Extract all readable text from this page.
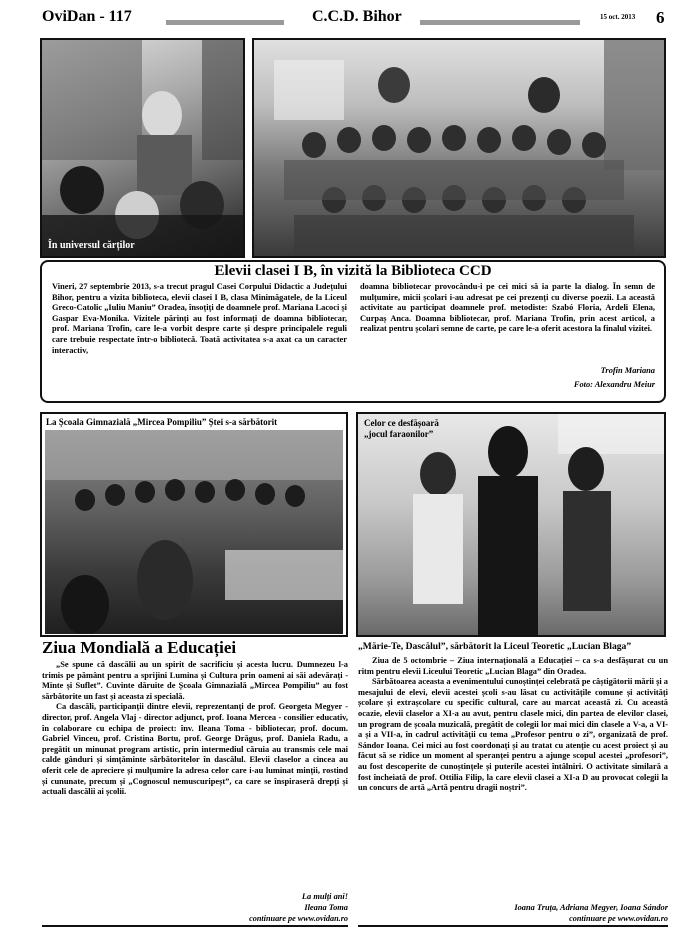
OviDan - 117	C.C.D. Bihor	15 oct. 2013 6
În universul cărților
Elevii clasei I B, în vizită la Biblioteca CCD
Vineri, 27 septembrie 2013, s-a trecut pragul Casei Corpului Didactic a Județului Bihor, pentru a vizita biblioteca, elevii clasei I B, clasa Minimăgatele, de la Liceul Greco-Catolic „Iuliu Maniu” Oradea, însoțiți de doamnele prof. Mariana Lacoci și Gaspar Eva-Monika. Vizitele părinți au fost informați de doamna bibliotecar, prof. Mariana Trofin, care le-a vorbit despre carte și despre principalele reguli care trebuie respectate într-o bibliotecă. Toată activitatea s-a axat ca un caracter interactiv,
doamna bibliotecar provocându-i pe cei mici să ia parte la dialog. În semn de mulțumire, micii școlari i-au adresat pe cei prezenți cu diverse poezii. La această activitate au participat doamnele prof. metodiste: Szabó Floria, Ardeli Elena, Curpaș Anca. Doamna bibliotecar, prof. Mariana Trofin, prin acest articol, a realizat pentru școlari semne de carte, pe care le-a oferit acestora la finalul vizitei.
Trofin Mariana
Foto: Alexandru Meiur
La Școala Gimnazială „Mircea Pompiliu” Ștei s-a sărbătorit
Ziua Mondială a Educației

„Se spune că dascălii au un spirit de sacrificiu și acesta lucru. Dumnezeu l-a trimis pe pământ pentru a sprijini Lumina și Cultura prin oameni ai săi adevărați - Minte și Suflet”. Cuvinte dăruite de Școala Gimnazială „Mircea Pompiliu” au fost sărbătorite un fast și aceasta zi specială.

Ca dascăli, participanții dintre elevii, reprezentanți de prof. Georgeta Megyer - director, prof. Angela Vlaj - director adjunct, prof. Ioana Mercea - consilier educativ, în colaborare cu echipa de proiect: înv. Ileana Toma - bibliotecar, prof. docum. Gabriel Vinceu, prof. Cristina Bortu, prof. George Drăgus, prof. Daniela Radu, a pregătit un minunat program artistic, prin intermediul căruia au transmis cele mai calde gânduri și simțăminte sărbătoritelor în dascălul. Elevii claselor a cincea au oferit cele de apreciere și mulțumire la adresa celor care i-au luminat minții, rostind și cununate, precum și „Cognoscul nemuscuripeșt”, ca care se înspiraseră drepți și actuali dascălii ai școlii.

La mulți ani!
Ileana Toma
continuare pe www.ovidan.ro
Celor ce desfășoară
„jocul faraonilor”
„Mărie-Te, Dascălul”, sărbătorit la Liceul Teoretic „Lucian Blaga”

Ziua de 5 octombrie – Ziua internațională a Educației – ca s-a desfășurat cu un ritm pentru elevii Liceului Teoretic „Lucian Blaga” din Oradea.

Sărbătoarea aceasta a evenimentului cunoștinței celebrată pe câștigătorii mării și a mesajului de elevi, elevii acestei școli s-au lăsat cu activitățile comune și activități școlare și extrașcolare cu specific cultural, care au marcat această zi. Cu această ocazie, elevii claselor a XI-a au avut, pentru clasele mici, din partea de elevilor clasei, un program de școala muzicală, pregătit de colegii lor mai mici din clasele a V-a, a VI-a și a VII-a, în cadrul activității cu tema „Profesor pentru o zi”, organizată de prof. Sándor Ioana. Cei mici au fost coordonați și au tratat cu atenție cu acest proiect și au făcut să se ridice un moment al speranței pentru a ajunge scopul acestei „profesori”, au fost descoperite de cunoștințele și puterile acestei întâlniri. O activitate similară a fost încheiată de prof. Ottilia Filip, la care elevii clasei a XI-a D au provocat colegii la un concurs de artă „Artă pentru dragii noștri”.

Ioana Truța, Adriana Megyer, Ioana Sándor
continuare pe www.ovidan.ro
